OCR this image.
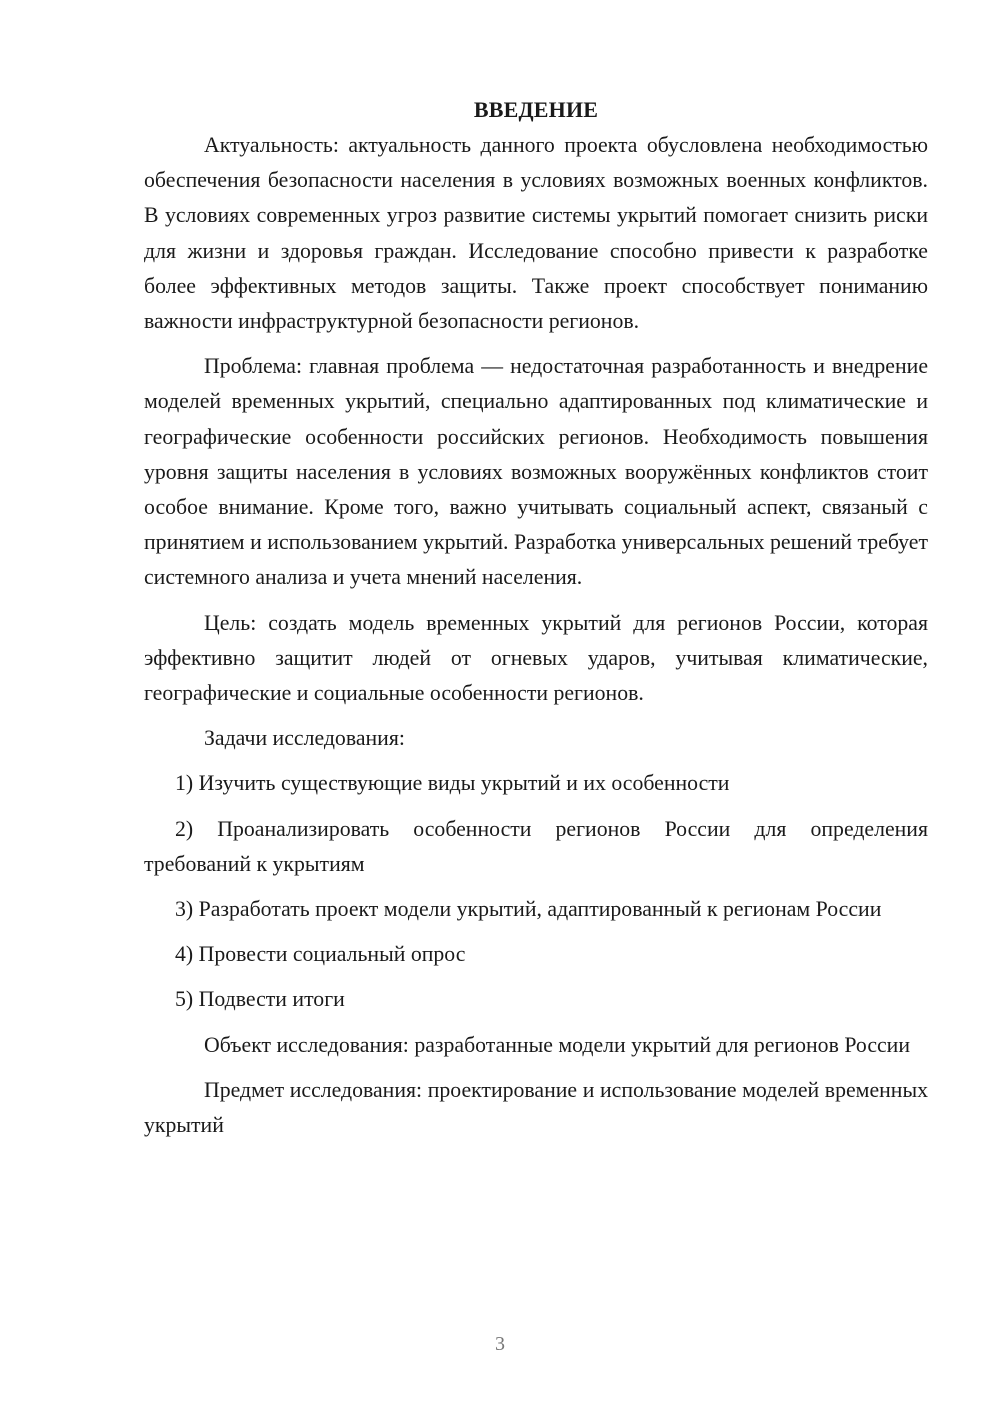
ВВЕДЕНИЕ

Актуальность: актуальность данного проекта обусловлена необходимостью обеспечения безопасности населения в условиях возможных военных конфликтов. В условиях современных угроз развитие системы укрытий помогает снизить риски для жизни и здоровья граждан. Исследование способно привести к разработке более эффективных методов защиты. Также проект способствует пониманию важности инфраструктурной безопасности регионов.

Проблема: главная проблема — недостаточная разработанность и внедрение моделей временных укрытий, специально адаптированных под климатические и географические особенности российских регионов. Необходимость повышения уровня защиты населения в условиях возможных вооружённых конфликтов стоит особое внимание. Кроме того, важно учитывать социальный аспект, связаный с принятием и использованием укрытий. Разработка универсальных решений требует системного анализа и учета мнений населения.

Цель: создать модель временных укрытий для регионов России, которая эффективно защитит людей от огневых ударов, учитывая климатические, географические и социальные особенности регионов.

Задачи исследования:

1) Изучить существующие виды укрытий и их особенности

2) Проанализировать особенности регионов России для определения требований к укрытиям

3) Разработать проект модели укрытий, адаптированный к регионам России

4) Провести социальный опрос

5) Подвести итоги

Объект исследования: разработанные модели укрытий для регионов России

Предмет исследования: проектирование и использование моделей временных укрытий

3
